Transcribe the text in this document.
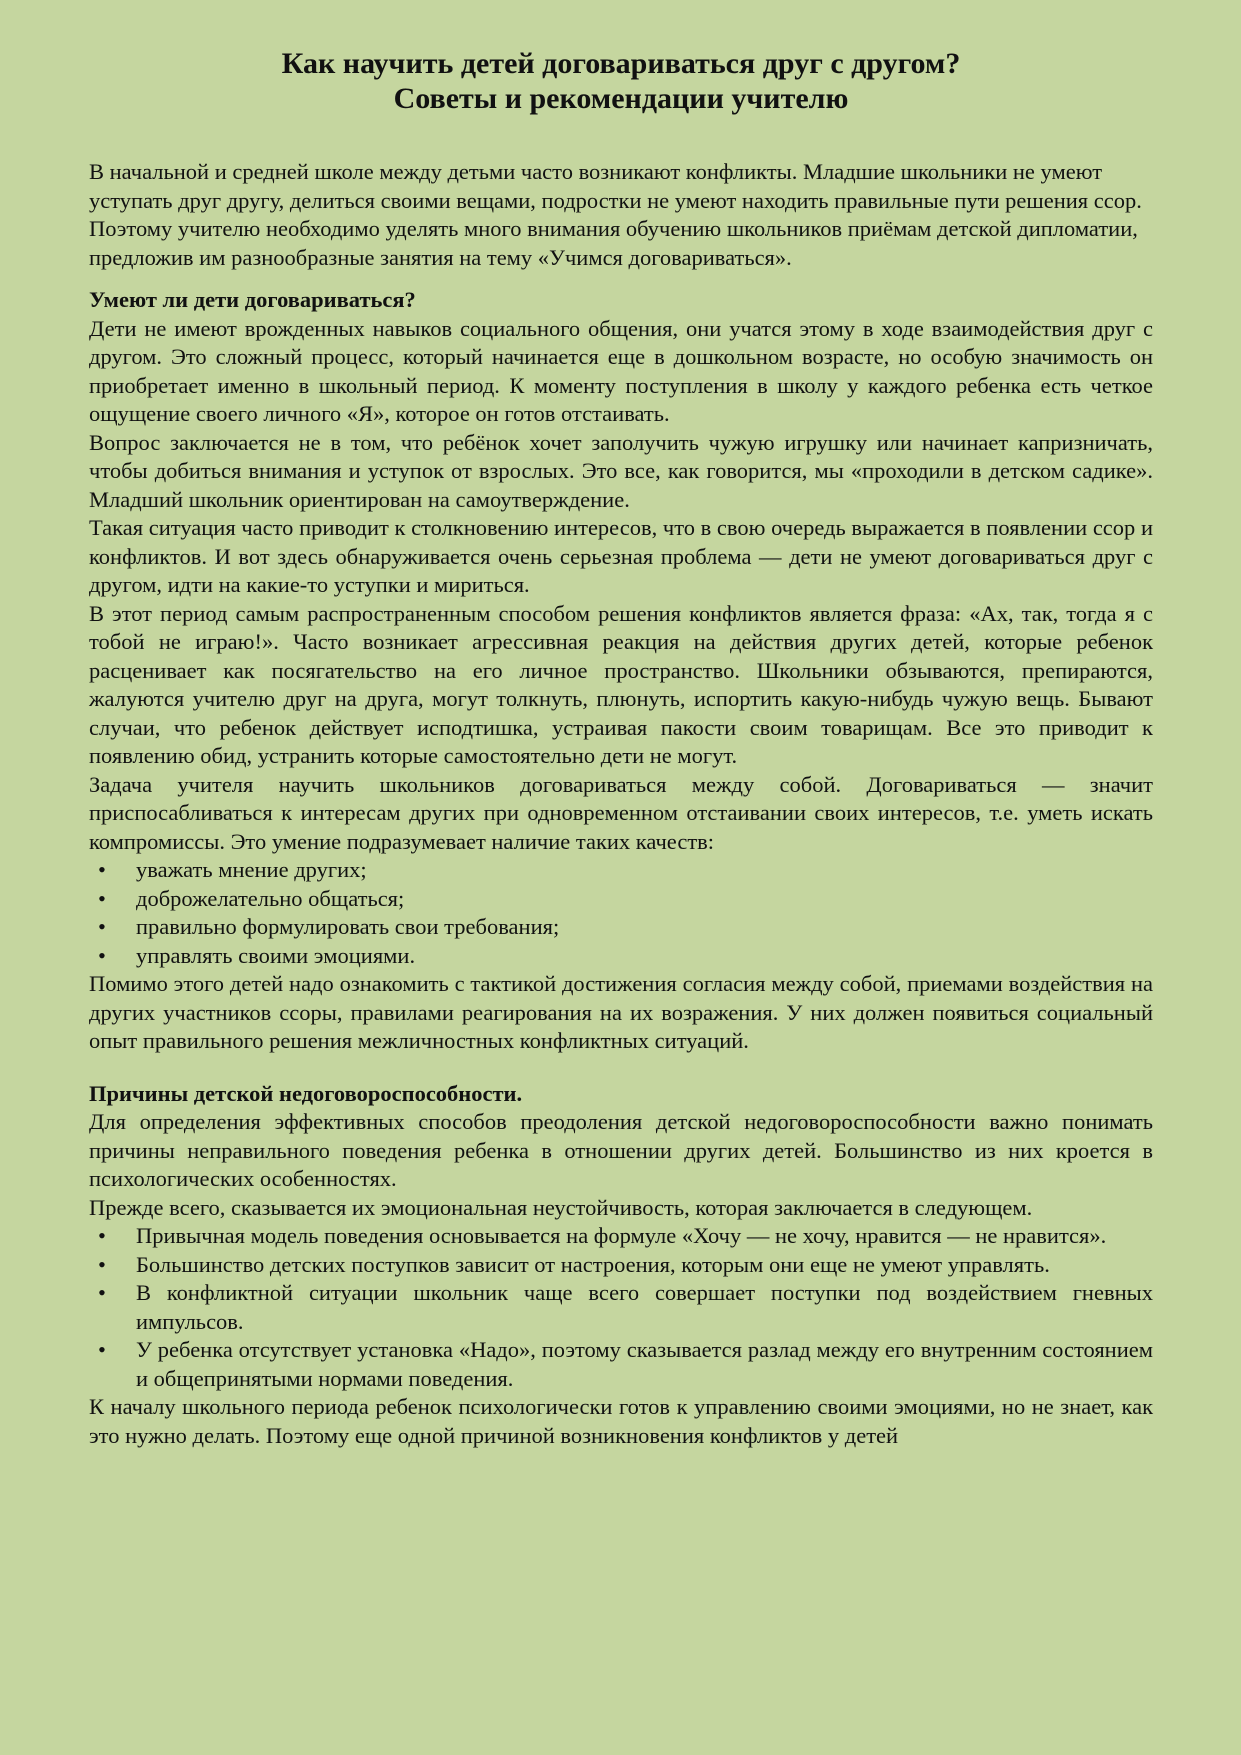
Как научить детей договариваться друг с другом?
Советы и рекомендации учителю

В начальной и средней школе между детьми часто возникают конфликты. Младшие школьники не умеют уступать друг другу, делиться своими вещами, подростки не умеют находить правильные пути решения ссор. Поэтому учителю необходимо уделять много внимания обучению школьников приёмам детской дипломатии, предложив им разнообразные занятия на тему «Учимся договариваться».

Умеют ли дети договариваться?

Дети не имеют врожденных навыков социального общения, они учатся этому в ходе взаимодействия друг с другом. Это сложный процесс, который начинается еще в дошкольном возрасте, но особую значимость он приобретает именно в школьный период. К моменту поступления в школу у каждого ребенка есть четкое ощущение своего личного «Я», которое он готов отстаивать.

Вопрос заключается не в том, что ребёнок хочет заполучить чужую игрушку или начинает капризничать, чтобы добиться внимания и уступок от взрослых. Это все, как говорится, мы «проходили в детском садике». Младший школьник ориентирован на самоутверждение.

Такая ситуация часто приводит к столкновению интересов, что в свою очередь выражается в появлении ссор и конфликтов. И вот здесь обнаруживается очень серьезная проблема — дети не умеют договариваться друг с другом, идти на какие-то уступки и мириться.

В этот период самым распространенным способом решения конфликтов является фраза: «Ах, так, тогда я с тобой не играю!». Часто возникает агрессивная реакция на действия других детей, которые ребенок расценивает как посягательство на его личное пространство. Школьники обзываются, препираются, жалуются учителю друг на друга, могут толкнуть, плюнуть, испортить какую-нибудь чужую вещь. Бывают случаи, что ребенок действует исподтишка, устраивая пакости своим товарищам. Все это приводит к появлению обид, устранить которые самостоятельно дети не могут.

Задача учителя научить школьников договариваться между собой. Договариваться — значит приспосабливаться к интересам других при одновременном отстаивании своих интересов, т.е. уметь искать компромиссы. Это умение подразумевает наличие таких качеств:

• уважать мнение других;
• доброжелательно общаться;
• правильно формулировать свои требования;
• управлять своими эмоциями.

Помимо этого детей надо ознакомить с тактикой достижения согласия между собой, приемами воздействия на других участников ссоры, правилами реагирования на их возражения. У них должен появиться социальный опыт правильного решения межличностных конфликтных ситуаций.

Причины детской недоговороспособности.

Для определения эффективных способов преодоления детской недоговороспособности важно понимать причины неправильного поведения ребенка в отношении других детей. Большинство из них кроется в психологических особенностях.

Прежде всего, сказывается их эмоциональная неустойчивость, которая заключается в следующем.

• Привычная модель поведения основывается на формуле «Хочу — не хочу, нравится — не нравится».
• Большинство детских поступков зависит от настроения, которым они еще не умеют управлять.
• В конфликтной ситуации школьник чаще всего совершает поступки под воздействием гневных импульсов.
• У ребенка отсутствует установка «Надо», поэтому сказывается разлад между его внутренним состоянием и общепринятыми нормами поведения.

К началу школьного периода ребенок психологически готов к управлению своими эмоциями, но не знает, как это нужно делать. Поэтому еще одной причиной возникновения конфликтов у детей
